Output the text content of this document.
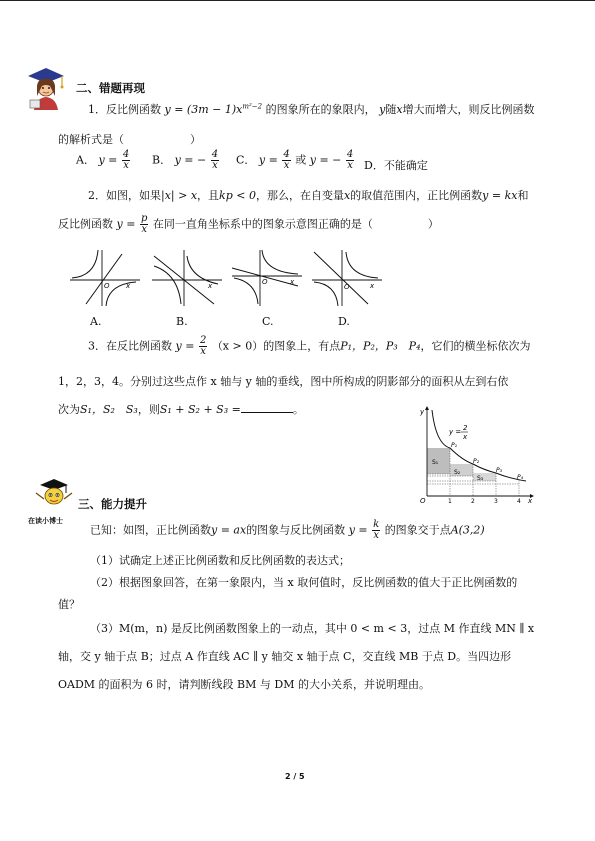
二、错题再现
1．反比例函数 $y = (3m - 1)x^{m^2-2}$ 的图象所在的象限内， y随x增大而增大，则反比例函数
的解析式是（　　　　　　）
A． $y = \frac{4}{x}$ B． y = − $\frac{4}{x}$ C． $y = \frac{4}{x}$ 或 y = − $\frac{4}{x}$ D．不能确定
2．如图，如果|x| > x，且kp < 0，那么，在自变量x的取值范围内，正比例函数y = kx和
反比例函数 $y = \frac{p}{x}$ 在同一直角坐标系中的图象示意图正确的是（　　　　　）
x
O	x	O	x
O	x
A.	B.	C.	D.
3．在反比例函数 $y = \frac{2}{x} (x > 0)$的图象上，有点P₁，P₂，P₃　P₄，它们的横坐标依次为
1，2，3，4。分别过这些点作 x 轴与 y 轴的垂线，图中所构成的阴影部分的面积从左到右依
次为S₁，S₂　S₃，则S₁ + S₂ + S₃ =	。	y
x
O
y = 2
x
P₁
P₂
P₃
P₄
S₁
S₂
S₃
1	2	3	4
在读小博士
三、能力提升
已知：如图，正比例函数y = ax的图象与反比例函数 $y = \frac{k}{x}$ 的图象交于点A(3,2)
（1）试确定上述正比例函数和反比例函数的表达式；
（2）根据图象回答，在第一象限内，当 x 取何值时，反比例函数的值大于正比例函数的
值？
（3）M(m，n) 是反比例函数图象上的一动点，其中 0 < m < 3，过点 M 作直线 MN ∥ x
轴，交 y 轴于点 B；过点 A 作直线 AC ∥ y 轴交 x 轴于点 C，交直线 MB 于点 D。当四边形
OADM 的面积为 6 时，请判断线段 BM 与 DM 的大小关系，并说明理由。
2 / 5
